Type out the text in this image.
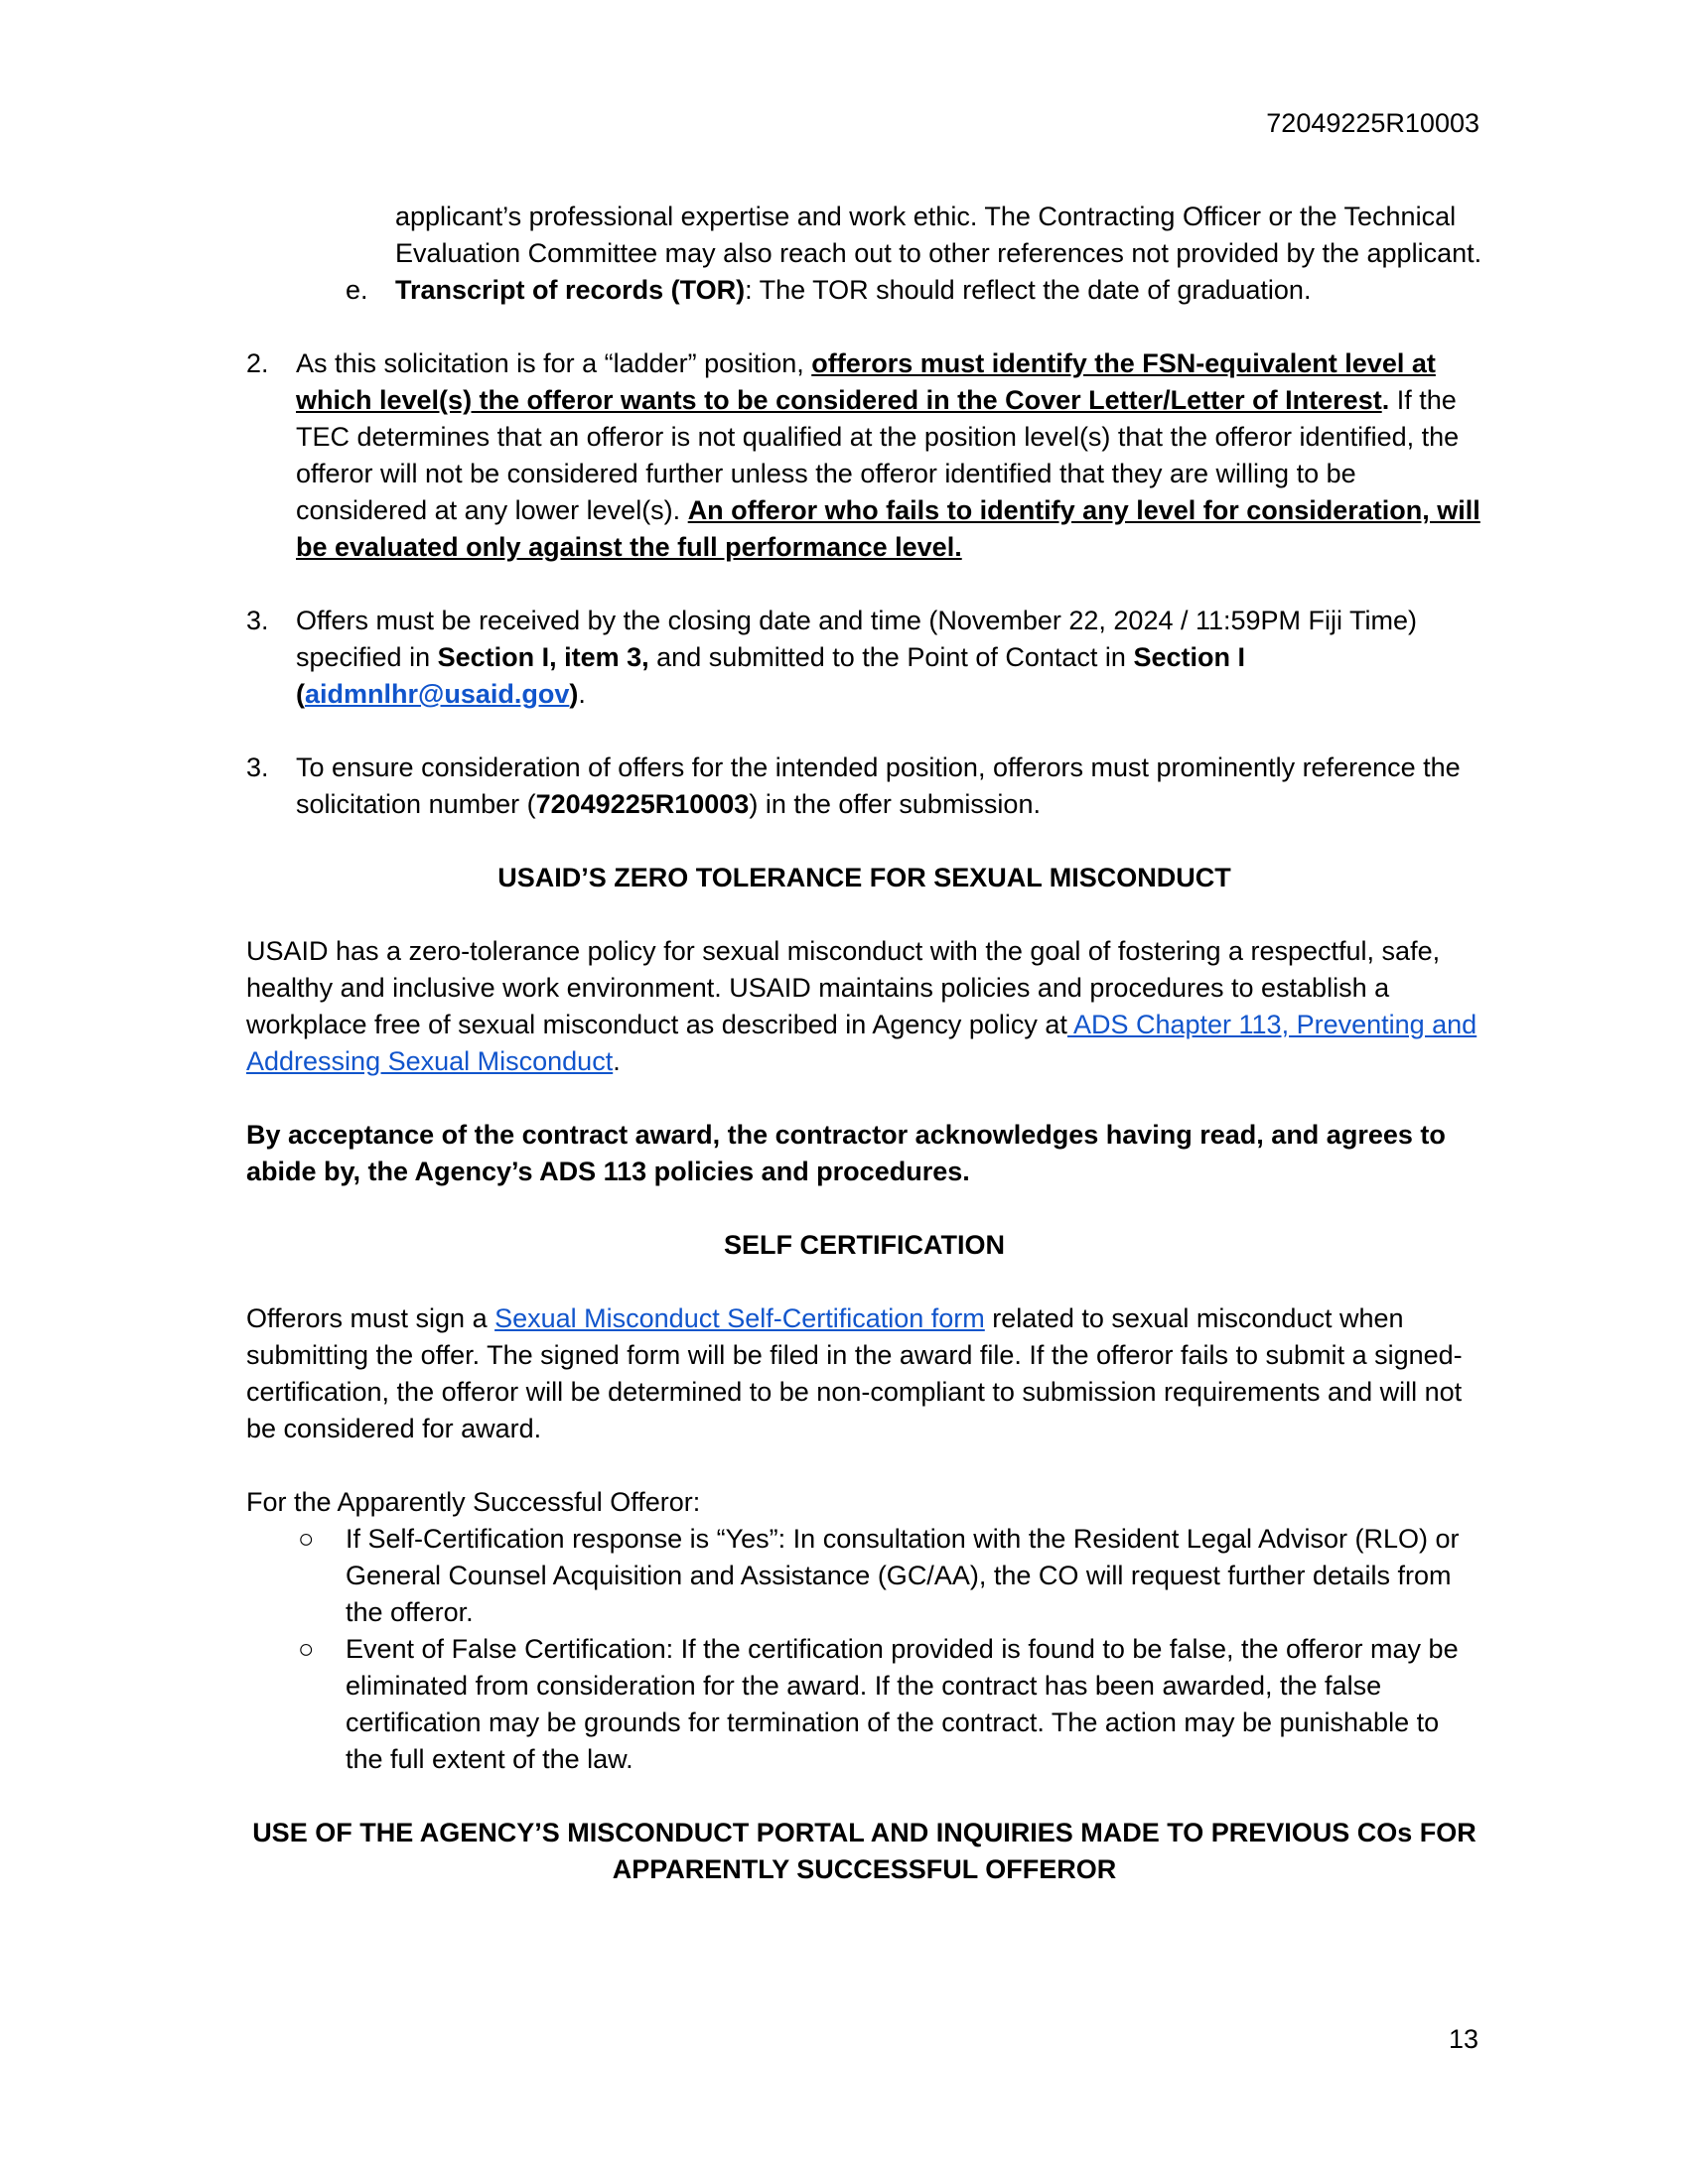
72049225R10003
applicant’s professional expertise and work ethic. The Contracting Officer or the Technical Evaluation Committee may also reach out to other references not provided by the applicant.
e. Transcript of records (TOR): The TOR should reflect the date of graduation.
2. As this solicitation is for a “ladder” position, offerors must identify the FSN-equivalent level at which level(s) the offeror wants to be considered in the Cover Letter/Letter of Interest. If the TEC determines that an offeror is not qualified at the position level(s) that the offeror identified, the offeror will not be considered further unless the offeror identified that they are willing to be considered at any lower level(s). An offeror who fails to identify any level for consideration, will be evaluated only against the full performance level.
3. Offers must be received by the closing date and time (November 22, 2024 / 11:59PM Fiji Time) specified in Section I, item 3, and submitted to the Point of Contact in Section I (aidmnlhr@usaid.gov).
3. To ensure consideration of offers for the intended position, offerors must prominently reference the solicitation number (72049225R10003) in the offer submission.
USAID’S ZERO TOLERANCE FOR SEXUAL MISCONDUCT
USAID has a zero-tolerance policy for sexual misconduct with the goal of fostering a respectful, safe, healthy and inclusive work environment. USAID maintains policies and procedures to establish a workplace free of sexual misconduct as described in Agency policy at ADS Chapter 113, Preventing and Addressing Sexual Misconduct.
By acceptance of the contract award, the contractor acknowledges having read, and agrees to abide by, the Agency’s ADS 113 policies and procedures.
SELF CERTIFICATION
Offerors must sign a Sexual Misconduct Self-Certification form related to sexual misconduct when submitting the offer. The signed form will be filed in the award file. If the offeror fails to submit a signed-certification, the offeror will be determined to be non-compliant to submission requirements and will not be considered for award.
For the Apparently Successful Offeror:
○ If Self-Certification response is “Yes”: In consultation with the Resident Legal Advisor (RLO) or General Counsel Acquisition and Assistance (GC/AA), the CO will request further details from the offeror.
○ Event of False Certification: If the certification provided is found to be false, the offeror may be eliminated from consideration for the award. If the contract has been awarded, the false certification may be grounds for termination of the contract. The action may be punishable to the full extent of the law.
USE OF THE AGENCY’S MISCONDUCT PORTAL AND INQUIRIES MADE TO PREVIOUS COs FOR APPARENTLY SUCCESSFUL OFFEROR
13
